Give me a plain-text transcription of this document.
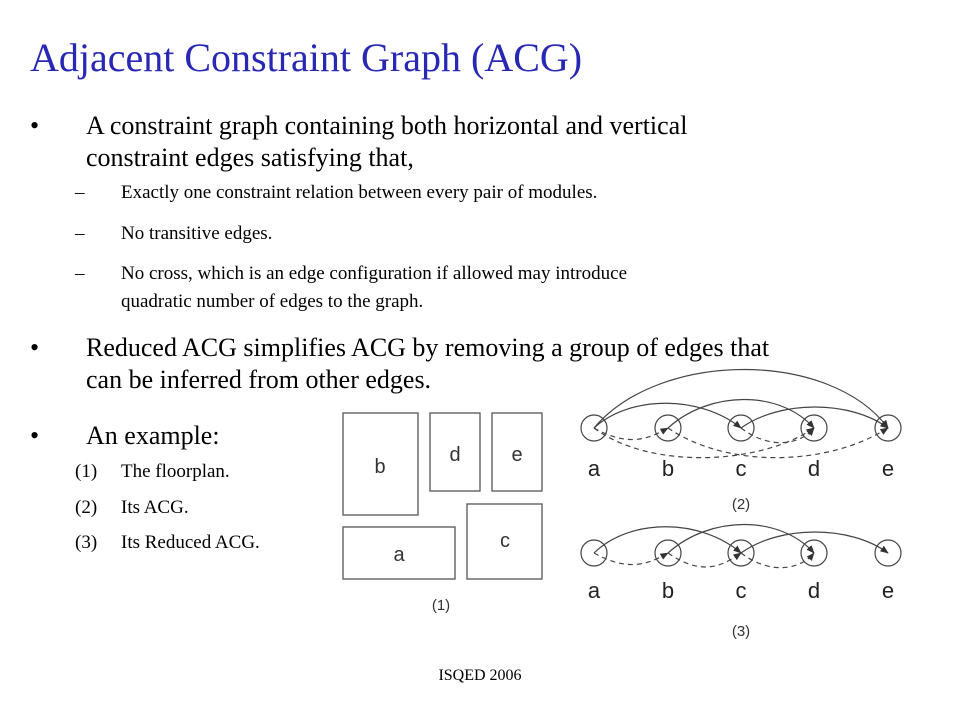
Adjacent Constraint Graph (ACG)
• A constraint graph containing both horizontal and vertical
constraint edges satisfying that,
– Exactly one constraint relation between every pair of modules.
– No transitive edges.
– No cross, which is an edge configuration if allowed may introduce
quadratic number of edges to the graph.
• Reduced ACG simplifies ACG by removing a group of edges that
can be inferred from other edges.
• An example:
(1) The floorplan.
(2) Its ACG.
(3) Its Reduced ACG.
b
d	e
a
c
(1)
a	b	c	d	e
(2)
a	b	c	d	e
(3)
ISQED 2006
